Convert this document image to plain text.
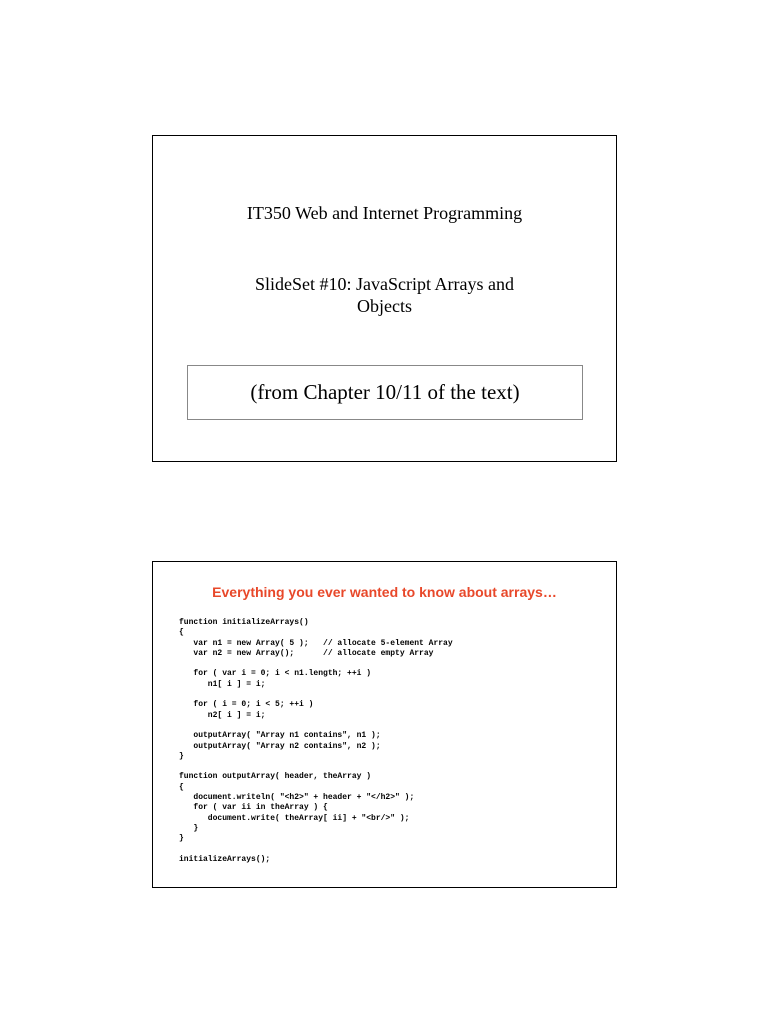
IT350 Web and Internet Programming

SlideSet #10: JavaScript Arrays and
Objects
(from Chapter 10/11 of the text)

Everything you ever wanted to know about arrays…

function initializeArrays()
{
var n1 = new Array( 5 );   // allocate 5-element Array
var n2 = new Array();      // allocate empty Array

for ( var i = 0; i < n1.length; ++i )
n1[ i ] = i;

for ( i = 0; i < 5; ++i )
n2[ i ] = i;

outputArray( "Array n1 contains", n1 );
outputArray( "Array n2 contains", n2 );
}

function outputArray( header, theArray )
{
document.writeln( "<h2>" + header + "</h2>" );
for ( var ii in theArray ) {
document.write( theArray[ ii] + "<br/>" );
}
}

initializeArrays();
